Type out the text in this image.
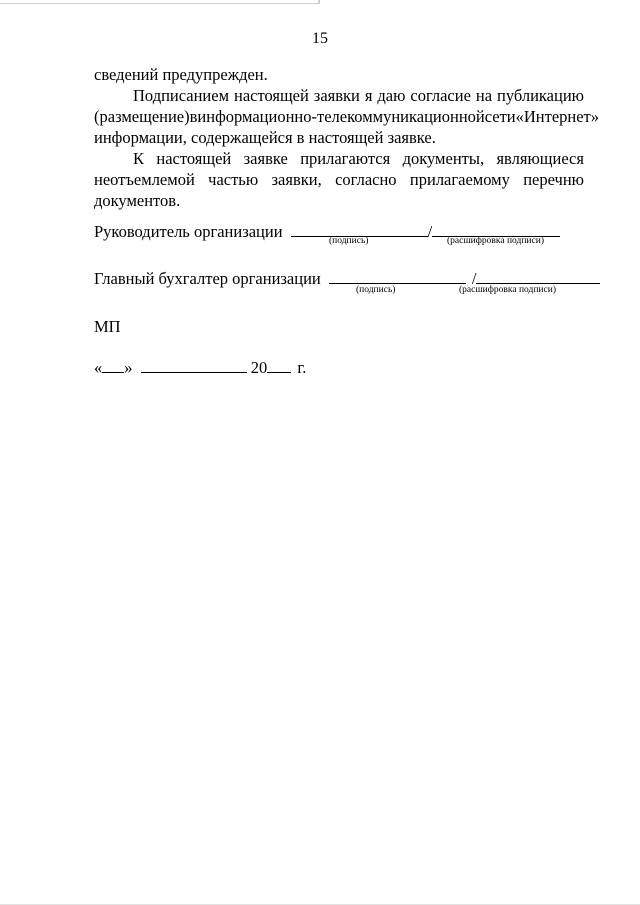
15
сведений предупрежден.
Подписанием настоящей заявки я даю согласие на публикацию
(размещение) в информационно-телекоммуникационной сети «Интернет»
информации, содержащейся в настоящей заявке.
К настоящей заявке прилагаются документы, являющиеся
неотъемлемой частью заявки, согласно прилагаемому перечню
документов.
Руководитель организации	/
(подпись)	(расшифровка подписи)
Главный бухгалтер организации	/
(подпись)	(расшифровка подписи)
МП
« »	20 г.
